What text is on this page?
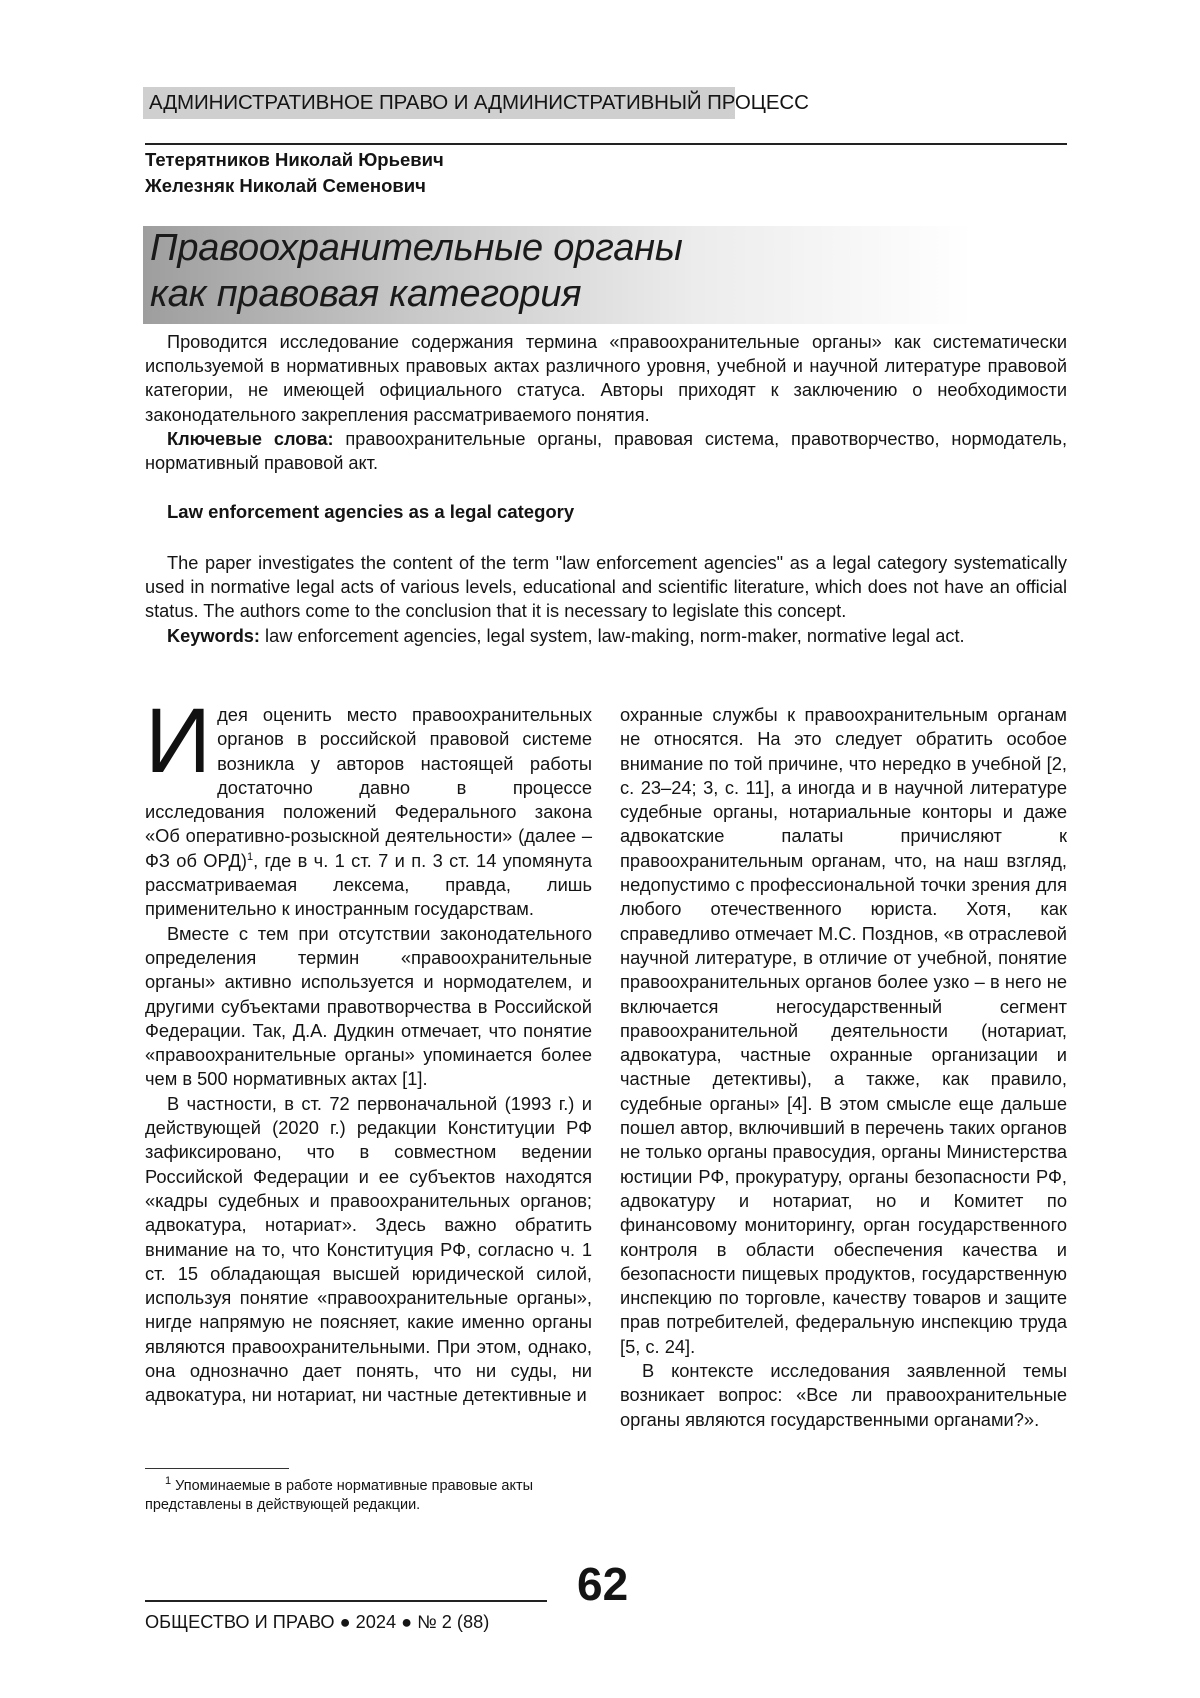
АДМИНИСТРАТИВНОЕ ПРАВО И АДМИНИСТРАТИВНЫЙ ПРОЦЕСС
Тетерятников Николай Юрьевич
Железняк Николай Семенович
Правоохранительные органы
как правовая категория

Проводится исследование содержания термина «правоохранительные органы» как систематически используемой в нормативных правовых актах различного уровня, учебной и научной литературе правовой категории, не имеющей официального статуса. Авторы приходят к заключению о необходимости законодательного закрепления рассматриваемого понятия.

Ключевые слова: правоохранительные органы, правовая система, правотворчество, нормодатель, нормативный правовой акт.

Law enforcement agencies as a legal category

The paper investigates the content of the term "law enforcement agencies" as a legal category systematically used in normative legal acts of various levels, educational and scientific literature, which does not have an official status. The authors come to the conclusion that it is necessary to legislate this concept.

Keywords: law enforcement agencies, legal system, law-making, norm-maker, normative legal act.

Идея оценить место правоохранительных органов в российской правовой системе возникла у авторов настоящей работы достаточно давно в процессе исследования положений Федерального закона «Об оперативно-розыскной деятельности» (далее – ФЗ об ОРД)$^1$, где в ч. 1 ст. 7 и п. 3 ст. 14 упомянута рассматриваемая лексема, правда, лишь применительно к иностранным государствам.

Вместе с тем при отсутствии законодательного определения термин «правоохранительные органы» активно используется и нормодателем, и другими субъектами правотворчества в Российской Федерации. Так, Д.А. Дудкин отмечает, что понятие «правоохранительные органы» упоминается более чем в 500 нормативных актах [1].

В частности, в ст. 72 первоначальной (1993 г.) и действующей (2020 г.) редакции Конституции РФ зафиксировано, что в совместном ведении Российской Федерации и ее субъектов находятся «кадры судебных и правоохранительных органов; адвокатура, нотариат». Здесь важно обратить внимание на то, что Конституция РФ, согласно ч. 1 ст. 15 обладающая высшей юридической силой, используя понятие «правоохранительные органы», нигде напрямую не поясняет, какие именно органы являются правоохранительными. При этом, однако, она однозначно дает понять, что ни суды, ни адвокатура, ни нотариат, ни частные детективные и

охранные службы к правоохранительным органам не относятся. На это следует обратить особое внимание по той причине, что нередко в учебной [2, с. 23–24; 3, с. 11], а иногда и в научной литературе судебные органы, нотариальные конторы и даже адвокатские палаты причисляют к правоохранительным органам, что, на наш взгляд, недопустимо с профессиональной точки зрения для любого отечественного юриста. Хотя, как справедливо отмечает М.С. Позднов, «в отраслевой научной литературе, в отличие от учебной, понятие правоохранительных органов более узко – в него не включается негосударственный сегмент правоохранительной деятельности (нотариат, адвокатура, частные охранные организации и частные детективы), а также, как правило, судебные органы» [4]. В этом смысле еще дальше пошел автор, включивший в перечень таких органов не только органы правосудия, органы Министерства юстиции РФ, прокуратуру, органы безопасности РФ, адвокатуру и нотариат, но и Комитет по финансовому мониторингу, орган государственного контроля в области обеспечения качества и безопасности пищевых продуктов, государственную инспекцию по торговле, качеству товаров и защите прав потребителей, федеральную инспекцию труда [5, с. 24].

В контексте исследования заявленной темы возникает вопрос: «Все ли правоохранительные органы являются государственными органами?».

$^1$ Упоминаемые в работе нормативные правовые акты представлены в действующей редакции.
62
ОБЩЕСТВО И ПРАВО ● 2024 ● № 2 (88)
